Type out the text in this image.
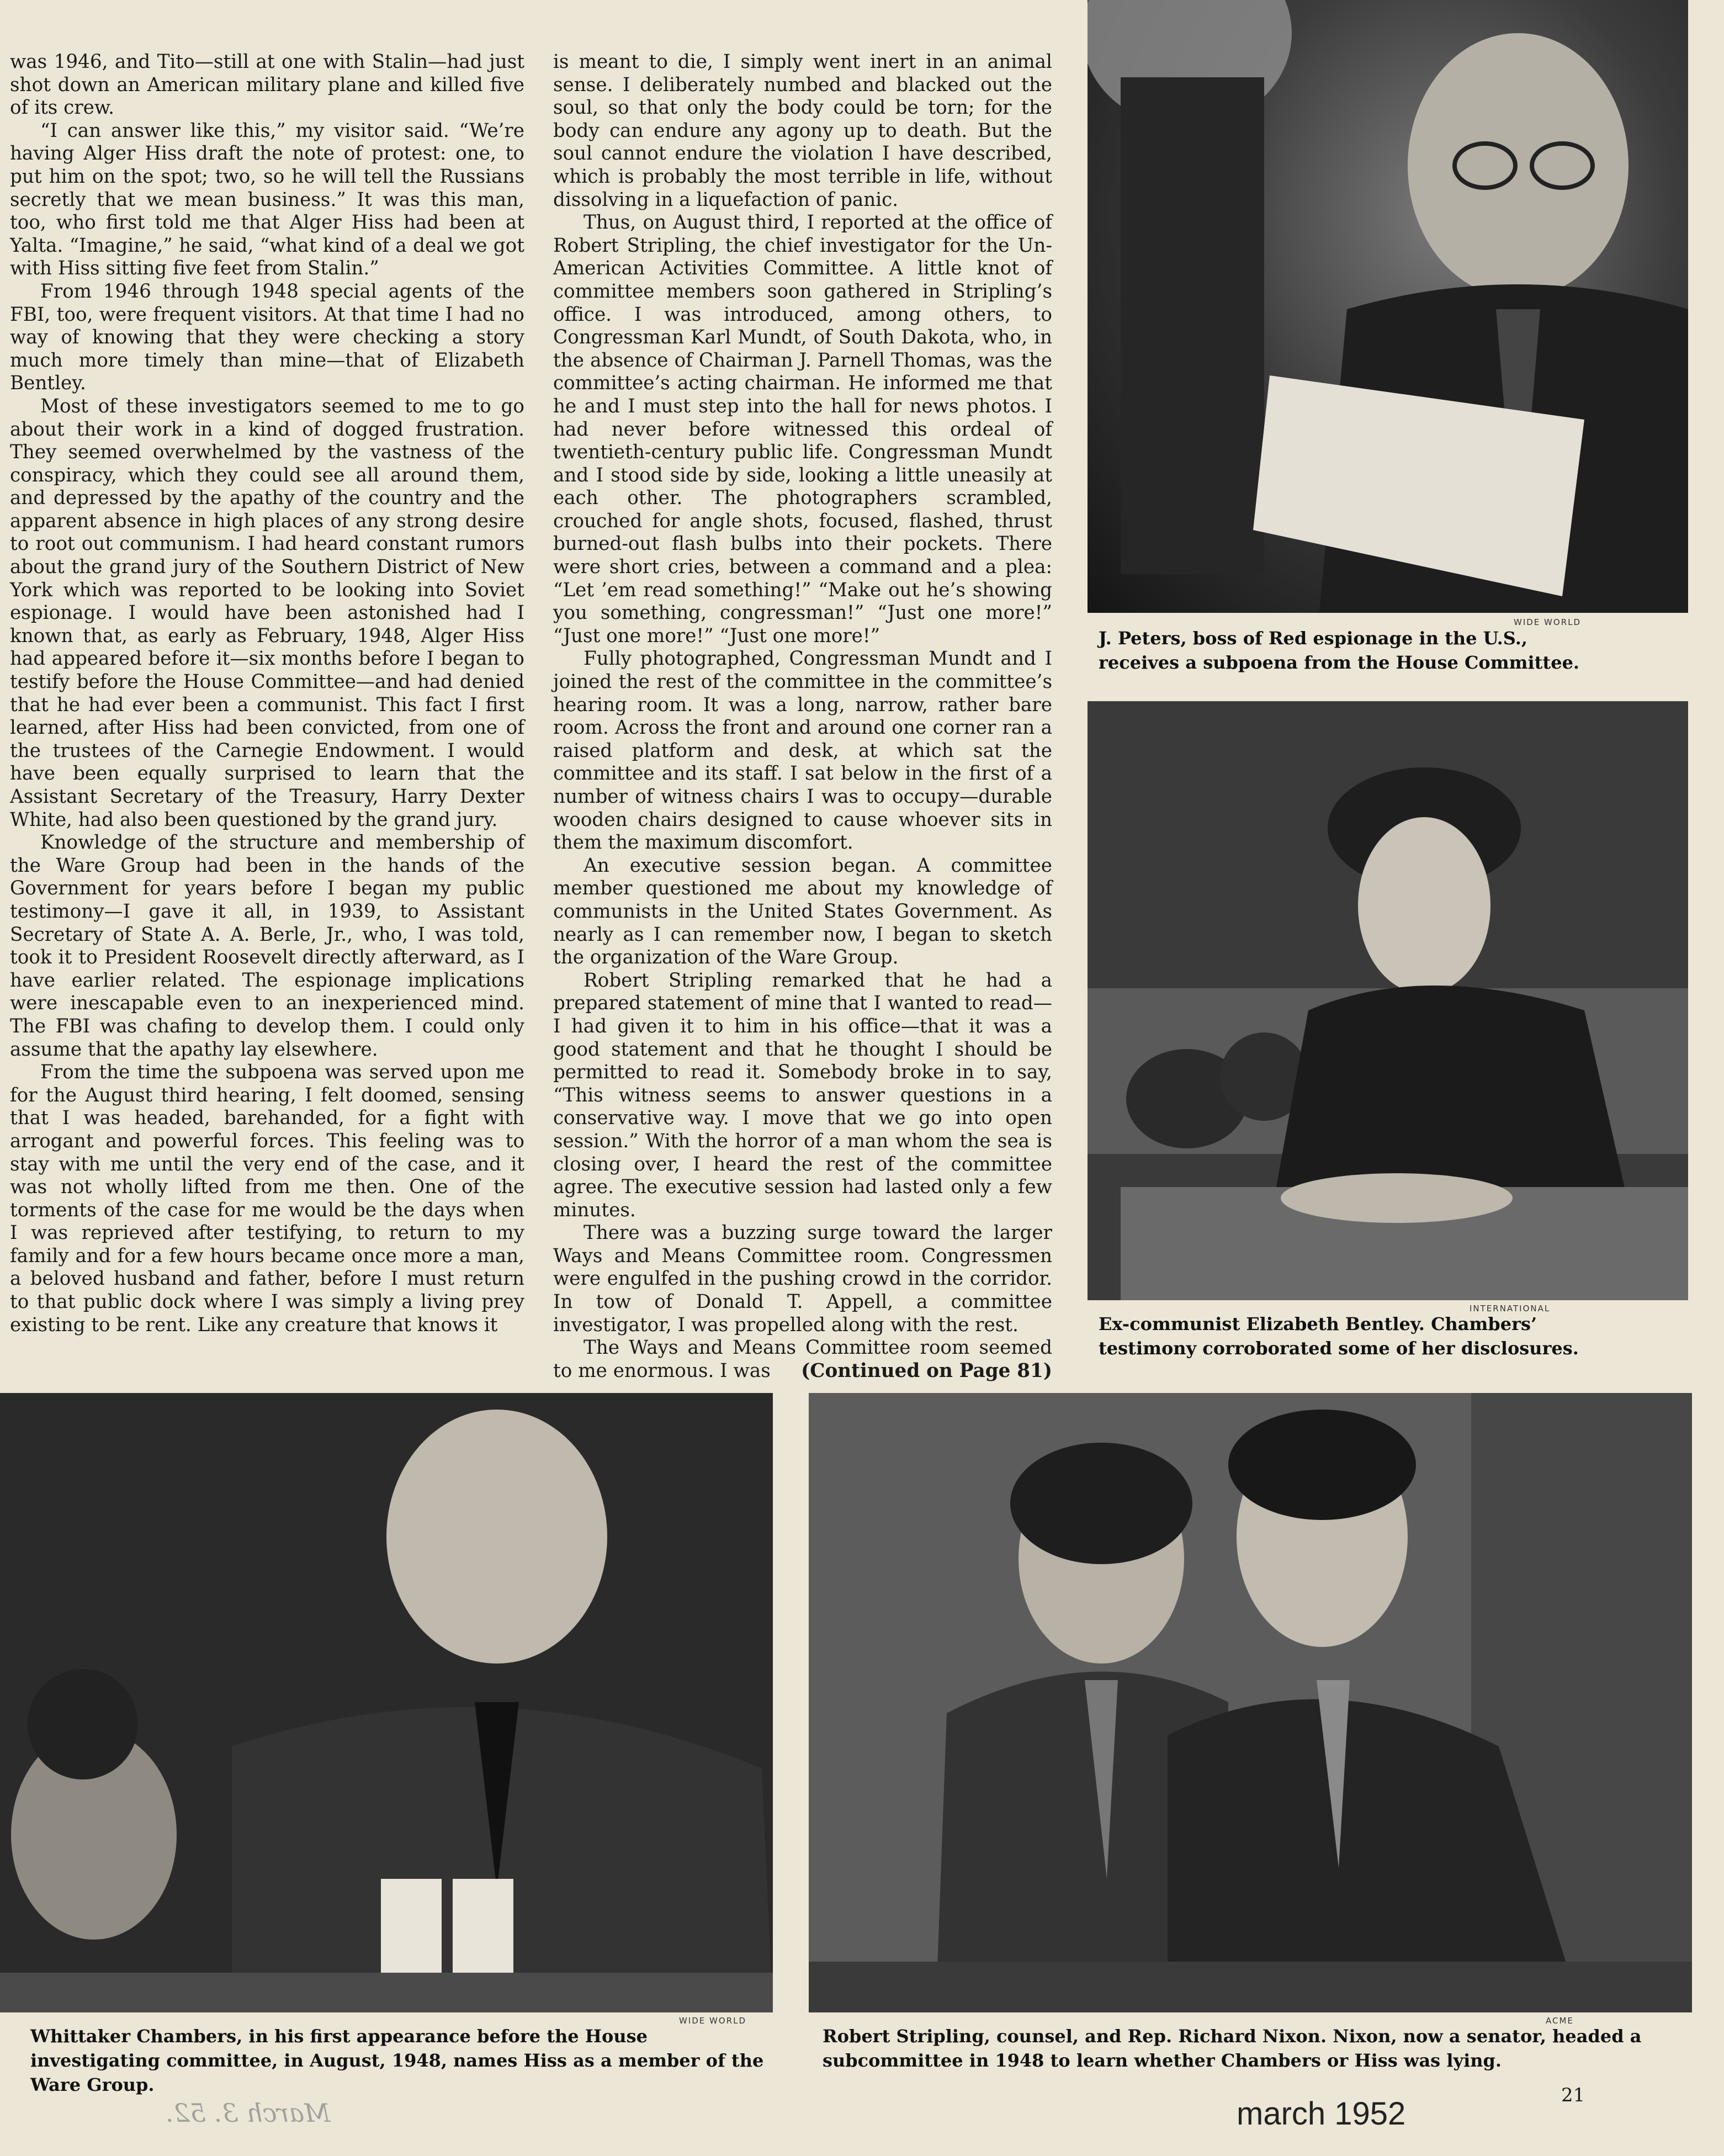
was 1946, and Tito—still at one with Stalin—had just shot down an American military plane and killed five of its crew.

“I can answer like this,” my visitor said. “We’re having Alger Hiss draft the note of protest: one, to put him on the spot; two, so he will tell the Russians secretly that we mean business.” It was this man, too, who first told me that Alger Hiss had been at Yalta. “Imagine,” he said, “what kind of a deal we got with Hiss sitting five feet from Stalin.”

From 1946 through 1948 special agents of the FBI, too, were frequent visitors. At that time I had no way of knowing that they were checking a story much more timely than mine—that of Elizabeth Bentley.

Most of these investigators seemed to me to go about their work in a kind of dogged frustration. They seemed overwhelmed by the vastness of the conspiracy, which they could see all around them, and depressed by the apathy of the country and the apparent absence in high places of any strong desire to root out communism. I had heard constant rumors about the grand jury of the Southern District of New York which was reported to be looking into Soviet espionage. I would have been astonished had I known that, as early as February, 1948, Alger Hiss had appeared before it—six months before I began to testify before the House Committee—and had denied that he had ever been a communist. This fact I first learned, after Hiss had been convicted, from one of the trustees of the Carnegie Endowment. I would have been equally surprised to learn that the Assistant Secretary of the Treasury, Harry Dexter White, had also been questioned by the grand jury.

Knowledge of the structure and membership of the Ware Group had been in the hands of the Government for years before I began my public testimony—I gave it all, in 1939, to Assistant Secretary of State A. A. Berle, Jr., who, I was told, took it to President Roosevelt directly afterward, as I have earlier related. The espionage implications were inescapable even to an inexperienced mind. The FBI was chafing to develop them. I could only assume that the apathy lay elsewhere.

From the time the subpoena was served upon me for the August third hearing, I felt doomed, sensing that I was headed, barehanded, for a fight with arrogant and powerful forces. This feeling was to stay with me until the very end of the case, and it was not wholly lifted from me then. One of the torments of the case for me would be the days when I was reprieved after testifying, to return to my family and for a few hours became once more a man, a beloved husband and father, before I must return to that public dock where I was simply a living prey existing to be rent. Like any creature that knows it

is meant to die, I simply went inert in an animal sense. I deliberately numbed and blacked out the soul, so that only the body could be torn; for the body can endure any agony up to death. But the soul cannot endure the violation I have described, which is probably the most terrible in life, without dissolving in a liquefaction of panic.

Thus, on August third, I reported at the office of Robert Stripling, the chief investigator for the Un-American Activities Committee. A little knot of committee members soon gathered in Stripling’s office. I was introduced, among others, to Congressman Karl Mundt, of South Dakota, who, in the absence of Chairman J. Parnell Thomas, was the committee’s acting chairman. He informed me that he and I must step into the hall for news photos. I had never before witnessed this ordeal of twentieth-century public life. Congressman Mundt and I stood side by side, looking a little uneasily at each other. The photographers scrambled, crouched for angle shots, focused, flashed, thrust burned-out flash bulbs into their pockets. There were short cries, between a command and a plea: “Let ’em read something!” “Make out he’s showing you something, congressman!” “Just one more!” “Just one more!” “Just one more!”

Fully photographed, Congressman Mundt and I joined the rest of the committee in the committee’s hearing room. It was a long, narrow, rather bare room. Across the front and around one corner ran a raised platform and desk, at which sat the committee and its staff. I sat below in the first of a number of witness chairs I was to occupy—durable wooden chairs designed to cause whoever sits in them the maximum discomfort.

An executive session began. A committee member questioned me about my knowledge of communists in the United States Government. As nearly as I can remember now, I began to sketch the organization of the Ware Group.

Robert Stripling remarked that he had a prepared statement of mine that I wanted to read—I had given it to him in his office—that it was a good statement and that he thought I should be permitted to read it. Somebody broke in to say, “This witness seems to answer questions in a conservative way. I move that we go into open session.” With the horror of a man whom the sea is closing over, I heard the rest of the committee agree. The executive session had lasted only a few minutes.

There was a buzzing surge toward the larger Ways and Means Committee room. Congressmen were engulfed in the pushing crowd in the corridor. In tow of Donald T. Appell, a committee investigator, I was propelled along with the rest.

The Ways and Means Committee room seemed to me enormous. I was	(Continued on Page 81)

WIDE WORLD
J. Peters, boss of Red espionage in the U.S., receives a subpoena from the House Committee.
INTERNATIONAL
Ex-communist Elizabeth Bentley. Chambers’ testimony corroborated some of her disclosures.
WIDE WORLD
Whittaker Chambers, in his first appearance before the House investigating committee, in August, 1948, names Hiss as a member of the Ware Group.
ACME
Robert Stripling, counsel, and Rep. Richard Nixon. Nixon, now a senator, headed a subcommittee in 1948 to learn whether Chambers or Hiss was lying.
March 3. 52.	march 1952
21
